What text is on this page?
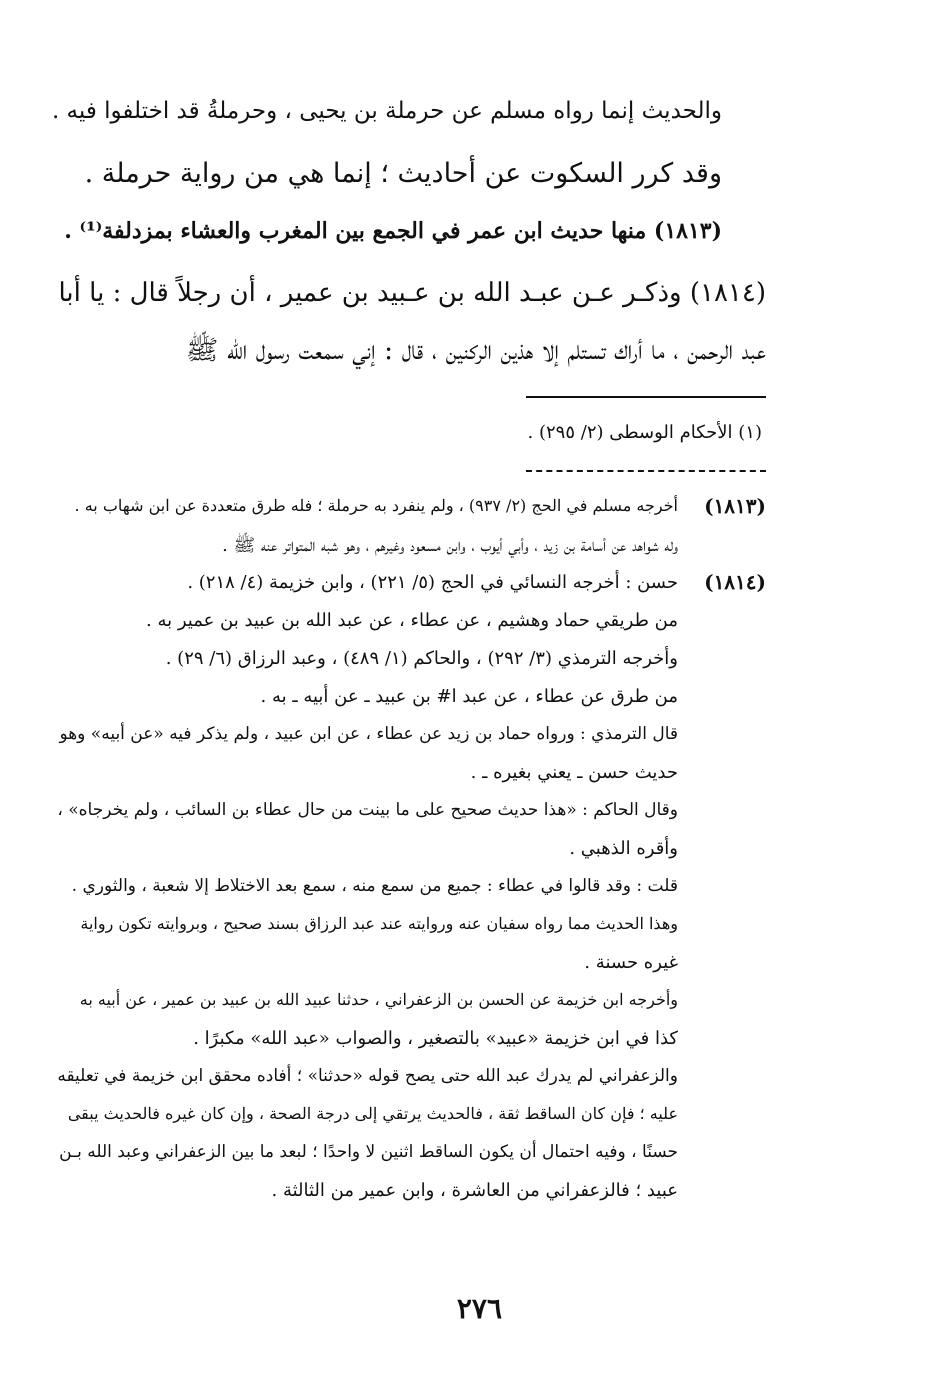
والحديث إنما رواه مسلم عن حرملة بن يحيى ، وحرملةُ قد اختلفوا فيه .
وقد كرر السكوت عن أحاديث ؛ إنما هي من رواية حرملة .
(١٨١٣) منها حديث ابن عمر في الجمع بين المغرب والعشاء بمزدلفة⁽¹⁾ .
(١٨١٤) وذكـر عـن عبـد الله بن عـبيد بن عمير ، أن رجلاً قال : يا أبا
عبد الرحمن ، ما أراك تستلم إلا هذين الركنين ، قال : إني سمعت رسول الله ﷺ
(١) الأحكام الوسطى (٢/ ٢٩٥) .
(١٨١٣)
أخرجه مسلم في الحج (٢/ ٩٣٧) ، ولم ينفرد به حرملة ؛ فله طرق متعددة عن ابن شهاب به .
وله شواهد عن أسامة بن زيد ، وأبي أيوب ، وابن مسعود وغيرهم ، وهو شبه المتواتر عنه ﷺ .
(١٨١٤)
حسن : أخرجه النسائي في الحج (٥/ ٢٢١) ، وابن خزيمة (٤/ ٢١٨) .
من طريقي حماد وهشيم ، عن عطاء ، عن عبد الله بن عبيد بن عمير به .
وأخرجه الترمذي (٣/ ٢٩٢) ، والحاكم (١/ ٤٨٩) ، وعبد الرزاق (٦/ ٢٩) .
من طرق عن عطاء ، عن عبد ا# بن عبيد ـ عن أبيه ـ به .
قال الترمذي : ورواه حماد بن زيد عن عطاء ، عن ابن عبيد ، ولم يذكر فيه «عن أبيه» وهو
حديث حسن ـ يعني بغيره ـ .
وقال الحاكم : «هذا حديث صحيح على ما بينت من حال عطاء بن السائب ، ولم يخرجاه» ،
وأقره الذهبي .
قلت : وقد قالوا في عطاء : جميع من سمع منه ، سمع بعد الاختلاط إلا شعبة ، والثوري .
وهذا الحديث مما رواه سفيان عنه وروايته عند عبد الرزاق بسند صحيح ، وبروايته تكون رواية
غيره حسنة .
وأخرجه ابن خزيمة عن الحسن بن الزعفراني ، حدثنا عبيد الله بن عبيد بن عمير ، عن أبيه به
كذا في ابن خزيمة «عبيد» بالتصغير ، والصواب «عبد الله» مكبرًا .
والزعفراني لم يدرك عبد الله حتى يصح قوله «حدثنا» ؛ أفاده محقق ابن خزيمة في تعليقه
عليه ؛ فإن كان الساقط ثقة ، فالحديث يرتقي إلى درجة الصحة ، وإن كان غيره فالحديث يبقى
حسنًا ، وفيه احتمال أن يكون الساقط اثنين لا واحدًا ؛ لبعد ما بين الزعفراني وعبد الله بـن
عبيد ؛ فالزعفراني من العاشرة ، وابن عمير من الثالثة .
٢٧٦
